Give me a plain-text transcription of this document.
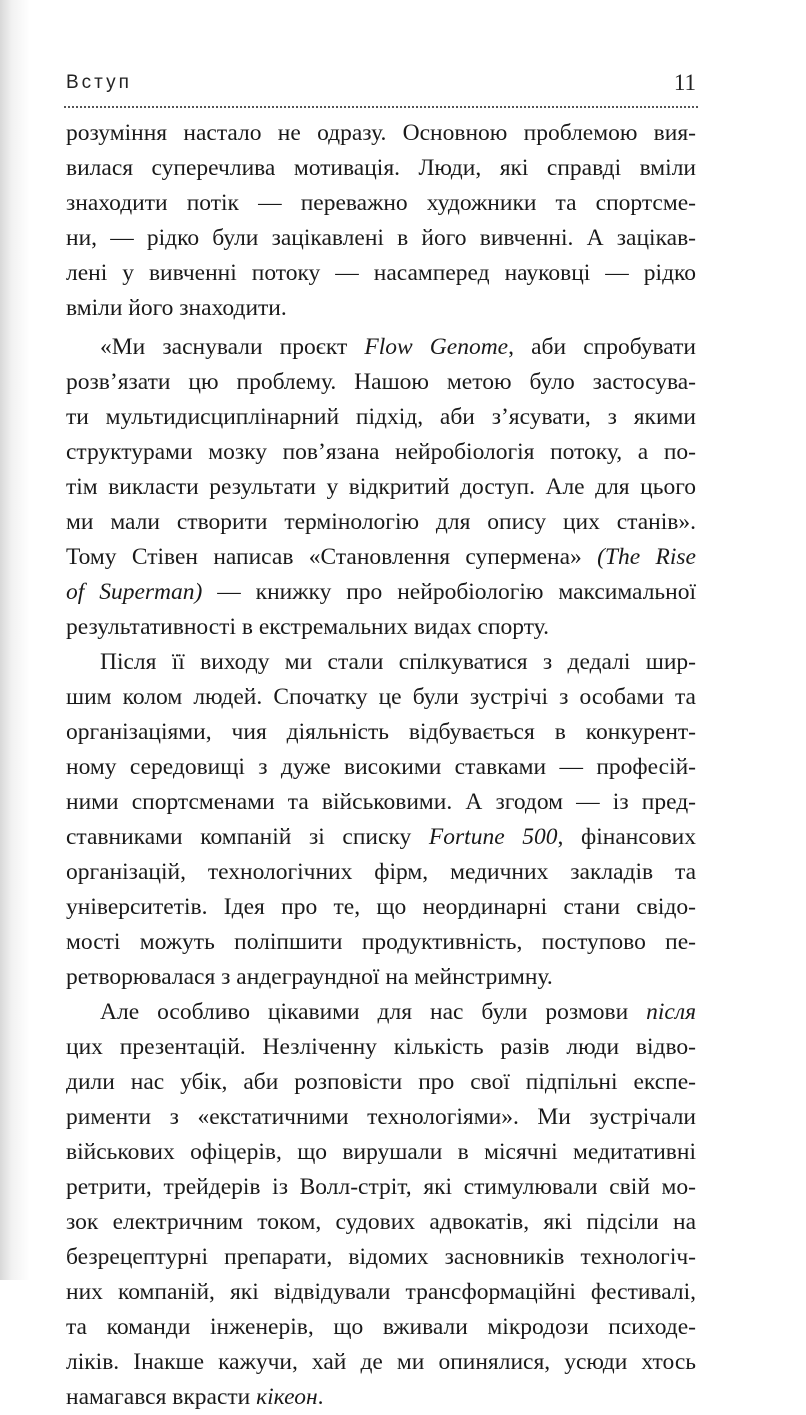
Вступ	11
розуміння настало не одразу. Основною проблемою вия-
вилася суперечлива мотивація. Люди, які справді вміли
знаходити потік — переважно художники та спортсме-
ни, — рідко були зацікавлені в його вивченні. А зацікав-
лені у вивченні потоку — насамперед науковці — рідко
вміли його знаходити.
«Ми заснували проєкт Flow Genome, аби спробувати
розв’язати цю проблему. Нашою метою було застосува-
ти мультидисциплінарний підхід, аби з’ясувати, з якими
структурами мозку пов’язана нейробіологія потоку, а по-
тім викласти результати у відкритий доступ. Але для цього
ми мали створити термінологію для опису цих станів».
Тому Стівен написав «Становлення супермена» (The Rise
of Superman) — книжку про нейробіологію максимальної
результативності в екстремальних видах спорту.
Після її виходу ми стали спілкуватися з дедалі шир-
шим колом людей. Спочатку це були зустрічі з особами та
організаціями, чия діяльність відбувається в конкурент-
ному середовищі з дуже високими ставками — професій-
ними спортсменами та військовими. А згодом — із пред-
ставниками компаній зі списку Fortune 500, фінансових
організацій, технологічних фірм, медичних закладів та
університетів. Ідея про те, що неординарні стани свідо-
мості можуть поліпшити продуктивність, поступово пе-
ретворювалася з андеграундної на мейнстримну.
Але особливо цікавими для нас були розмови після
цих презентацій. Незліченну кількість разів люди відво-
дили нас убік, аби розповісти про свої підпільні експе-
рименти з «екстатичними технологіями». Ми зустрічали
військових офіцерів, що вирушали в місячні медитативні
ретрити, трейдерів із Волл-стріт, які стимулювали свій мо-
зок електричним током, судових адвокатів, які підсіли на
безрецептурні препарати, відомих засновників технологіч-
них компаній, які відвідували трансформаційні фестивалі,
та команди інженерів, що вживали мікродози психоде-
ліків. Інакше кажучи, хай де ми опинялися, усюди хтось
намагався вкрасти кікеон.
